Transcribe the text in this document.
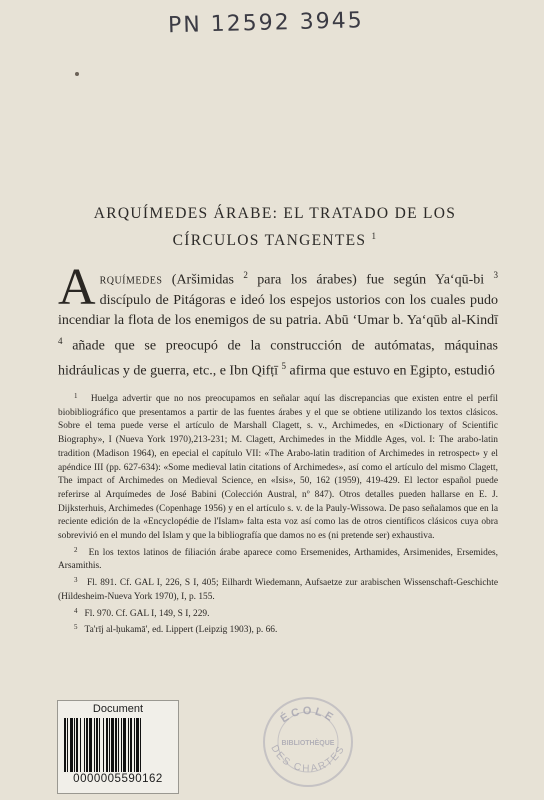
PN 12592 3945
ARQUÍMEDES ÁRABE: EL TRATADO DE LOS
CÍRCULOS TANGENTES $^1$

Arquímedes (Aršimidas $^2$ para los árabes) fue según Ya‘qū-bi $^3$ discípulo de Pitágoras e ideó los espejos ustorios con los cuales pudo incendiar la flota de los enemigos de su patria. Abū ‘Umar b. Ya‘qūb al-Kindī $^4$ añade que se preocupó de la construcción de autómatas, máquinas hidráulicas y de guerra, etc., e Ibn Qifṭī $^5$ afirma que estuvo en Egipto, estudió

$^1$ Huelga advertir que no nos preocupamos en señalar aquí las discrepancias que existen entre el perfil biobibliográfico que presentamos a partir de las fuentes árabes y el que se obtiene utilizando los textos clásicos. Sobre el tema puede verse el artículo de Marshall Clagett, s. v., Archimedes, en «Dictionary of Scientific Biography», I (Nueva York 1970),213-231; M. Clagett, Archimedes in the Middle Ages, vol. I: The arabo-latin tradition (Madison 1964), en epecial el capítulo VII: «The Arabo-latin tradition of Archimedes in retrospect» y el apéndice III (pp. 627-634): «Some medieval latin citations of Archimedes», así como el artículo del mismo Clagett, The impact of Archimedes on Medieval Science, en «Isis», 50, 162 (1959), 419-429. El lector español puede referirse al Arquímedes de José Babini (Colección Austral, nº 847). Otros detalles pueden hallarse en E. J. Dijksterhuis, Archimedes (Copenhage 1956) y en el artículo s. v. de la Pauly-Wissowa. De paso señalamos que en la reciente edición de la «Encyclopédie de l'Islam» falta esta voz así como las de otros científicos clásicos cuya obra sobrevivió en el mundo del Islam y que la bibliografía que damos no es (ni pretende ser) exhaustiva.

$^2$ En los textos latinos de filiación árabe aparece como Ersemenides, Arthamides, Arsimenides, Ersemides, Arsamithis.

$^3$ Fl. 891. Cf. GAL I, 226, S I, 405; Eilhardt Wiedemann, Aufsaetze zur arabischen Wissenschaft-Geschichte (Hildesheim-Nueva York 1970), I, p. 155.

$^4$ Fl. 970. Cf. GAL I, 149, S I, 229.

$^5$ Ta'rīj al-ḥukamā', ed. Lippert (Leipzig 1903), p. 66.

Document
0000005590162
ÉCOLE
BIBLIOTHÈQUE
DES CHARTES
